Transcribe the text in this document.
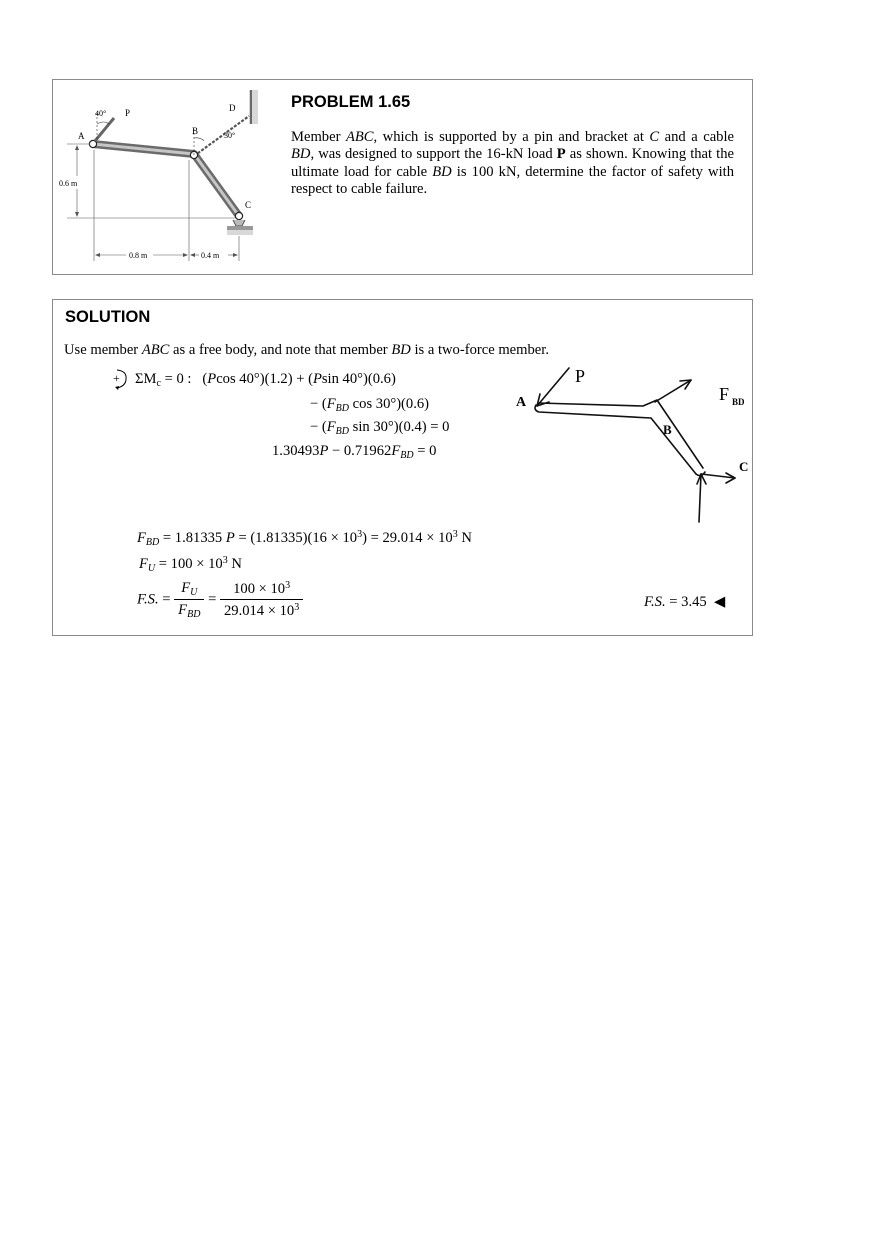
40° P
30°
A	B
C
D
0.6 m
0.8 m	0.4 m
PROBLEM 1.65
Member ABC, which is supported by a pin and bracket at C and a cable BD, was designed to support the 16-kN load P as shown. Knowing that the ultimate load for cable BD is 100 kN, determine the factor of safety with respect to cable failure.
SOLUTION
Use member ABC as a free body, and note that member BD is a two-force member.
+ $\Sigma M_c = 0$ :   (Pcos 40°)(1.2) + (Psin 40°)(0.6)
− ($F_{BD}$ cos 30°)(0.6)
− ($F_{BD}$ sin 30°)(0.4) = 0
$1.30493P - 0.71962F_{BD} = 0$
$F_{BD} = 1.81335$ $P = (1.81335)(16 \times 10^3) = 29.014 \times 10^3$ N
$F_U = 100 \times 10^3$ N
F.S. = $\frac{F_U}{F_{BD}} = \frac{100 \times 10^3}{29.014 \times 10^3}$	F.S. = 3.45  ◀
P
A
B
C
F BD
